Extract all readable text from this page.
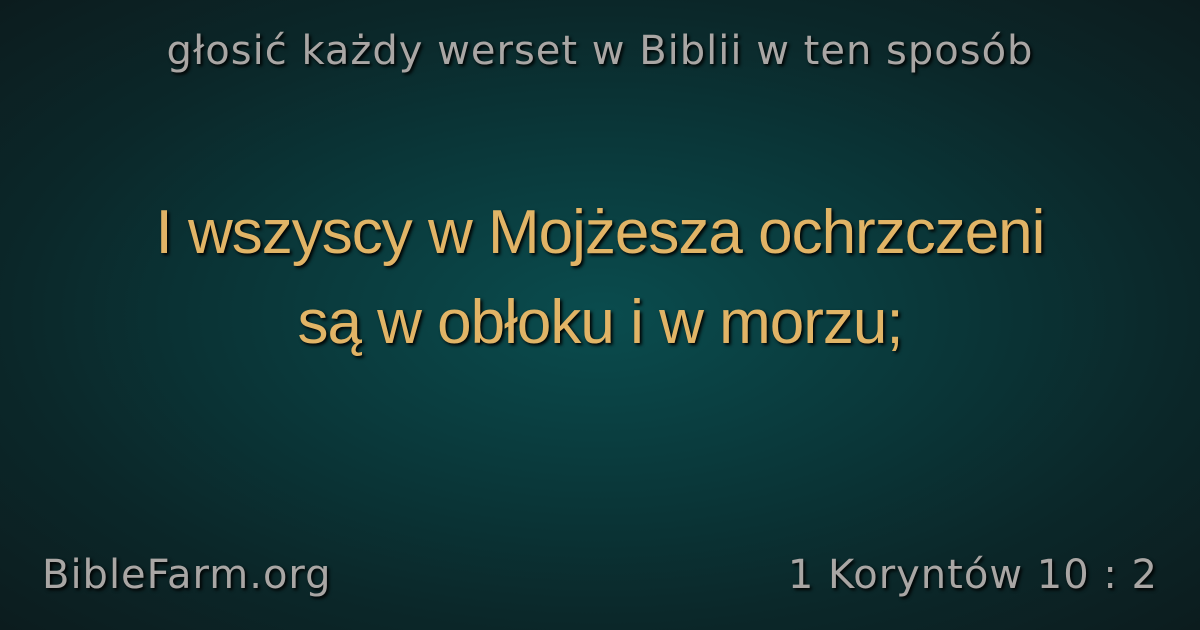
głosić każdy werset w Biblii w ten sposób
I wszyscy w Mojżesza ochrzczeni
są w obłoku i w morzu;
BibleFarm.org	1 Koryntów 10 : 2
